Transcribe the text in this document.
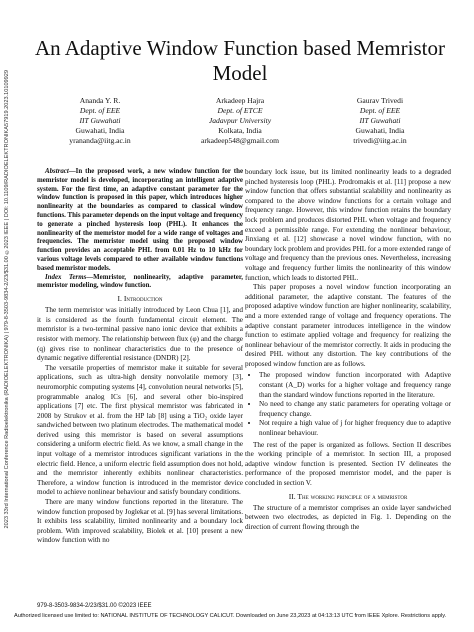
2023 33rd International Conference Radioelektronika (RADIOELEKTRONIKA) | 979-8-3503-9834-2/23/$31.00 ©2023 IEEE | DOI: 10.1109/RADIOELEKTRONIKA57919.2023.10109929
An Adaptive Window Function based Memristor Model
Ananda Y. R.
Dept. of EEE
IIT Guwahati
Guwahati, India
yrananda@iitg.ac.in
Arkadeep Hajra
Dept. of ETCE
Jadavpur University
Kolkata, India
arkadeep548@gmail.com
Gaurav Trivedi
Dept. of EEE
IIT Guwahati
Guwahati, India
trivedi@iitg.ac.in

Abstract—In the proposed work, a new window function for the memristor model is developed, incorporating an intelligent adaptive system. For the first time, an adaptive constant parameter for the window function is proposed in this paper, which introduces higher nonlinearity at the boundaries as compared to classical window functions. This parameter depends on the input voltage and frequency to generate a pinched hysteresis loop (PHL). It enhances the nonlinearity of the memristor model for a wide range of voltages and frequencies. The memristor model using the proposed window function provides an acceptable PHL from 0.01 Hz to 10 kHz for various voltage levels compared to other available window functions based memristor models.

Index Terms—Memristor, nonlinearity, adaptive parameter, memristor modeling, window function.

I. Introduction

The term memristor was initially introduced by Leon Chua [1], and it is considered as the fourth fundamental circuit element. The memristor is a two-terminal passive nano ionic device that exhibits a resistor with memory. The relationship between flux (φ) and the charge (q) gives rise to nonlinear characteristics due to the presence of dynamic negative differential resistance (DNDR) [2].

The versatile properties of memristor make it suitable for several applications, such as ultra-high density nonvolatile memory [3], neuromorphic computing systems [4], convolution neural networks [5], programmable analog ICs [6], and several other bio-inspired applications [7] etc. The first physical memristor was fabricated in 2008 by Strukov et al. from the HP lab [8] using a TiO₂ oxide layer sandwiched between two platinum electrodes. The mathematical model derived using this memristor is based on several assumptions considering a uniform electric field. As we know, a small change in the input voltage of a memristor introduces significant variations in the electric field. Hence, a uniform electric field assumption does not hold, and the memristor inherently exhibits nonlinear characteristics. Therefore, a window function is introduced in the memristor device model to achieve nonlinear behaviour and satisfy boundary conditions.

There are many window functions reported in the literature. The window function proposed by Joglekar et al. [9] has several limitations. It exhibits less scalability, limited nonlinearity and a boundary lock problem. With improved scalability, Biolek et al. [10] present a new window function with no

boundary lock issue, but its limited nonlinearity leads to a degraded pinched hysteresis loop (PHL). Prodromakis et al. [11] propose a new window function that offers substantial scalability and nonlinearity as compared to the above window functions for a certain voltage and frequency range. However, this window function retains the boundary lock problem and produces distorted PHL when voltage and frequency exceed a permissible range. For extending the nonlinear behaviour, Jinxiang et al. [12] showcase a novel window function, with no boundary lock problem and provides PHL for a more extended range of voltage and frequency than the previous ones. Nevertheless, increasing voltage and frequency further limits the nonlinearity of this window function, which leads to distorted PHL.

This paper proposes a novel window function incorporating an additional parameter, the adaptive constant. The features of the proposed adaptive window function are higher nonlinearity, scalability, and a more extended range of voltage and frequency operations. The adaptive constant parameter introduces intelligence in the window function to estimate applied voltage and frequency for realizing the nonlinear behaviour of the memristor correctly. It aids in producing the desired PHL without any distortion. The key contributions of the proposed window function are as follows.

• The proposed window function incorporated with Adaptive constant (A_D) works for a higher voltage and frequency range than the standard window functions reported in the literature.
• No need to change any static parameters for operating voltage or frequency change.
• Not require a high value of j for higher frequency due to adaptive nonlinear behaviour.

The rest of the paper is organized as follows. Section II describes the working principle of a memristor. In section III, a proposed adaptive window function is presented. Section IV delineates the performance of the proposed memristor model, and the paper is concluded in section V.

II. The working principle of a memristor

The structure of a memristor comprises an oxide layer sandwiched between two electrodes, as depicted in Fig. 1. Depending on the direction of current flowing through the

979-8-3503-9834-2/23/$31.00 ©2023 IEEE
Authorized licensed use limited to: NATIONAL INSTITUTE OF TECHNOLOGY CALICUT. Downloaded on June 23,2023 at 04:13:13 UTC from IEEE Xplore. Restrictions apply.
